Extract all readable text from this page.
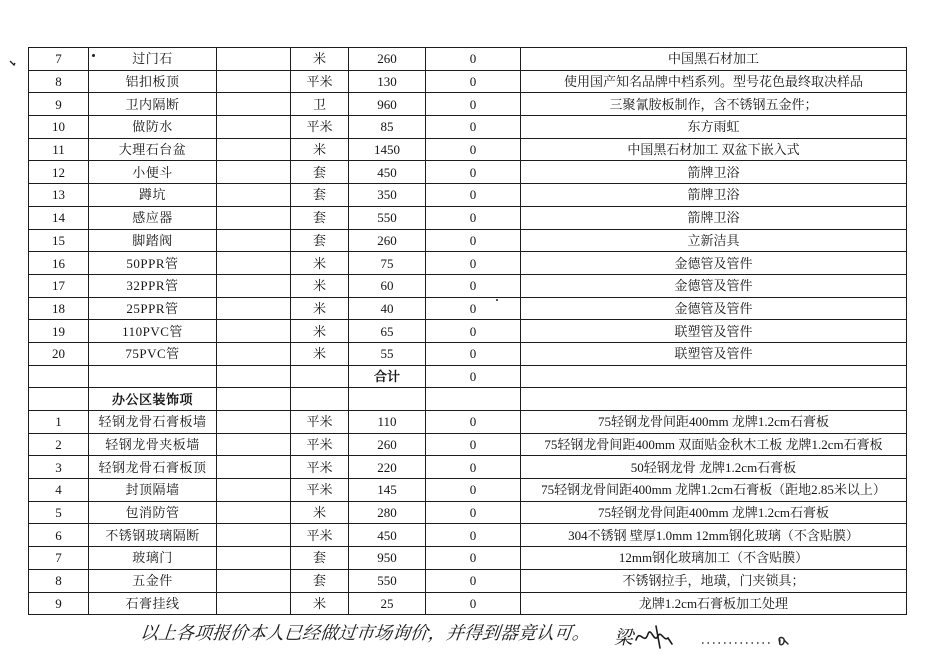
7	过门石		米	260	0	中国黑石材加工
8	铝扣板顶		平米	130	0	使用国产知名品牌中档系列。型号花色最终取决样品
9	卫内隔断		卫	960	0	三聚氰胺板制作，含不锈钢五金件；
10	做防水		平米	85	0	东方雨虹
11	大理石台盆		米	1450	0	中国黑石材加工 双盆下嵌入式
12	小便斗		套	450	0	箭牌卫浴
13	蹲坑		套	350	0	箭牌卫浴
14	感应器		套	550	0	箭牌卫浴
15	脚踏阀		套	260	0	立新洁具
16	50PPR管		米	75	0	金德管及管件
17	32PPR管		米	60	0	金德管及管件
18	25PPR管		米	40	0	金德管及管件
19	110PVC管		米	65	0	联塑管及管件
20	75PVC管		米	55	0	联塑管及管件
				合计	0	
	办公区装饰项					
1	轻钢龙骨石膏板墙		平米	110	0	75轻钢龙骨间距400mm 龙牌1.2cm石膏板
2	轻钢龙骨夹板墙		平米	260	0	75轻钢龙骨间距400mm 双面贴金秋木工板 龙牌1.2cm石膏板
3	轻钢龙骨石膏板顶		平米	220	0	50轻钢龙骨 龙牌1.2cm石膏板
4	封顶隔墙		平米	145	0	75轻钢龙骨间距400mm 龙牌1.2cm石膏板（距地2.85米以上）
5	包消防管		米	280	0	75轻钢龙骨间距400mm 龙牌1.2cm石膏板
6	不锈钢玻璃隔断		平米	450	0	304不锈钢 壁厚1.0mm 12mm钢化玻璃（不含贴膜）
7	玻璃门		套	950	0	12mm钢化玻璃加工（不含贴膜）
8	五金件		套	550	0	不锈钢拉手，地璜，门夹锁具；
9	石膏挂线		米	25	0	龙牌1.2cm石膏板加工处理
以上各项报价本人已经做过市场询价，并得到器竟认可。	梁
